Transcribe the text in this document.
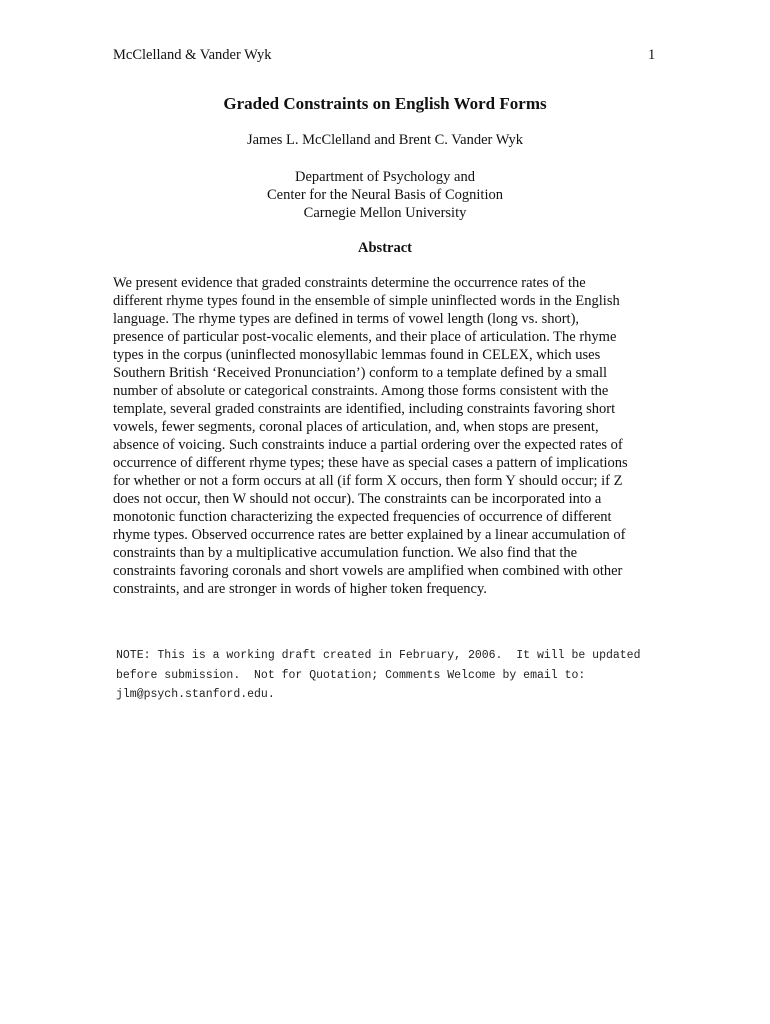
McClelland & Vander Wyk	1
Graded Constraints on English Word Forms
James L. McClelland and Brent C. Vander Wyk
Department of Psychology and
Center for the Neural Basis of Cognition
Carnegie Mellon University
Abstract
We present evidence that graded constraints determine the occurrence rates of the
different rhyme types found in the ensemble of simple uninflected words in the English
language. The rhyme types are defined in terms of vowel length (long vs. short),
presence of particular post-vocalic elements, and their place of articulation. The rhyme
types in the corpus (uninflected monosyllabic lemmas found in CELEX, which uses
Southern British ‘Received Pronunciation’) conform to a template defined by a small
number of absolute or categorical constraints. Among those forms consistent with the
template, several graded constraints are identified, including constraints favoring short
vowels, fewer segments, coronal places of articulation, and, when stops are present,
absence of voicing. Such constraints induce a partial ordering over the expected rates of
occurrence of different rhyme types; these have as special cases a pattern of implications
for whether or not a form occurs at all (if form X occurs, then form Y should occur; if Z
does not occur, then W should not occur). The constraints can be incorporated into a
monotonic function characterizing the expected frequencies of occurrence of different
rhyme types. Observed occurrence rates are better explained by a linear accumulation of
constraints than by a multiplicative accumulation function. We also find that the
constraints favoring coronals and short vowels are amplified when combined with other
constraints, and are stronger in words of higher token frequency.
NOTE: This is a working draft created in February, 2006.  It will be updated
before submission.  Not for Quotation; Comments Welcome by email to:
jlm@psych.stanford.edu.
